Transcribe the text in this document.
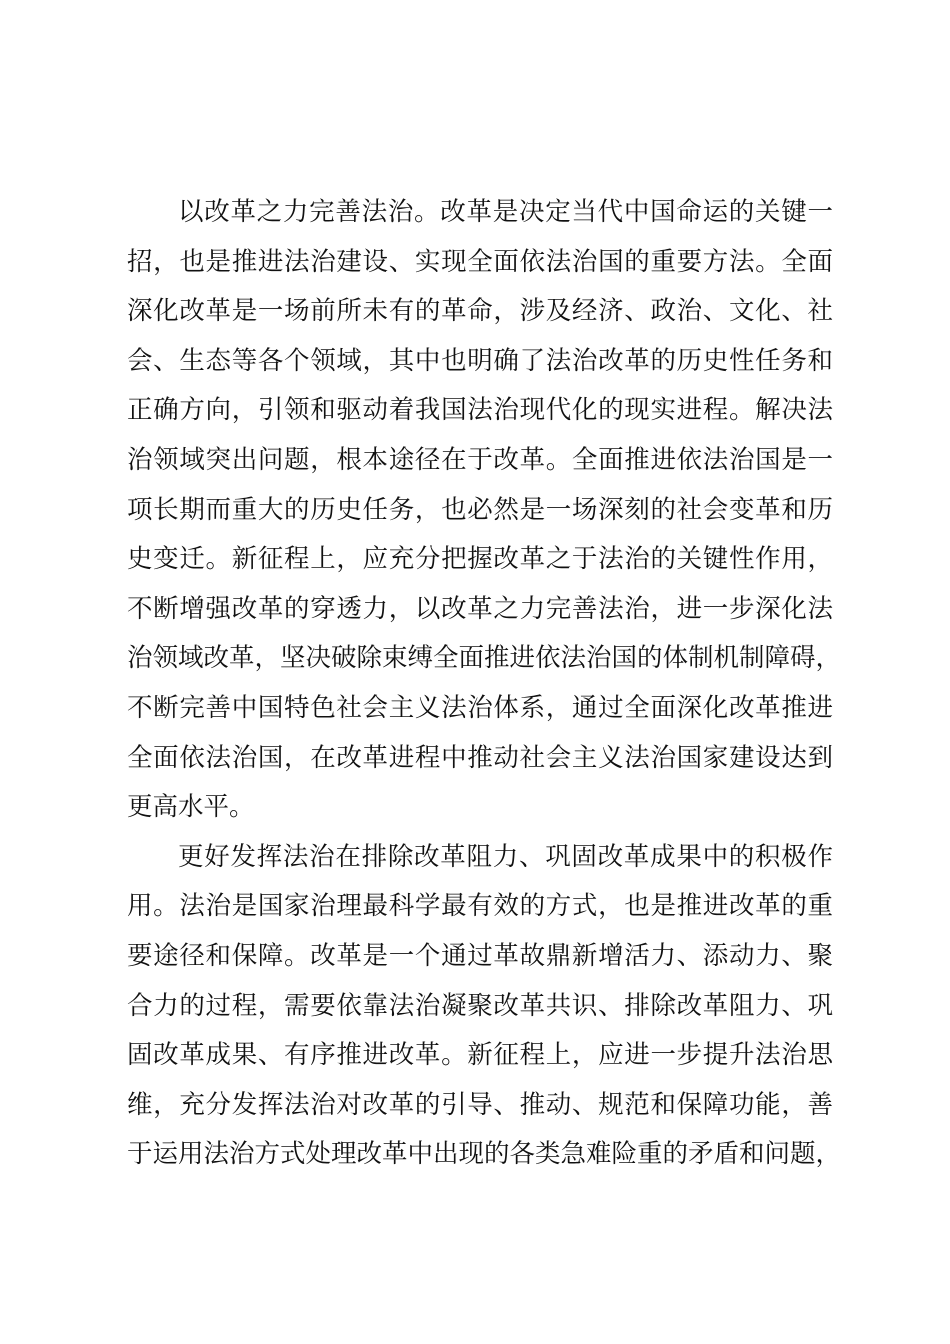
以改革之力完善法治。改革是决定当代中国命运的关键一
招，也是推进法治建设、实现全面依法治国的重要方法。全面
深化改革是一场前所未有的革命，涉及经济、政治、文化、社
会、生态等各个领域，其中也明确了法治改革的历史性任务和
正确方向，引领和驱动着我国法治现代化的现实进程。解决法
治领域突出问题，根本途径在于改革。全面推进依法治国是一
项长期而重大的历史任务，也必然是一场深刻的社会变革和历
史变迁。新征程上，应充分把握改革之于法治的关键性作用，
不断增强改革的穿透力，以改革之力完善法治，进一步深化法
治领域改革，坚决破除束缚全面推进依法治国的体制机制障碍，
不断完善中国特色社会主义法治体系，通过全面深化改革推进
全面依法治国，在改革进程中推动社会主义法治国家建设达到
更高水平。
更好发挥法治在排除改革阻力、巩固改革成果中的积极作
用。法治是国家治理最科学最有效的方式，也是推进改革的重
要途径和保障。改革是一个通过革故鼎新增活力、添动力、聚
合力的过程，需要依靠法治凝聚改革共识、排除改革阻力、巩
固改革成果、有序推进改革。新征程上，应进一步提升法治思
维，充分发挥法治对改革的引导、推动、规范和保障功能，善
于运用法治方式处理改革中出现的各类急难险重的矛盾和问题，
